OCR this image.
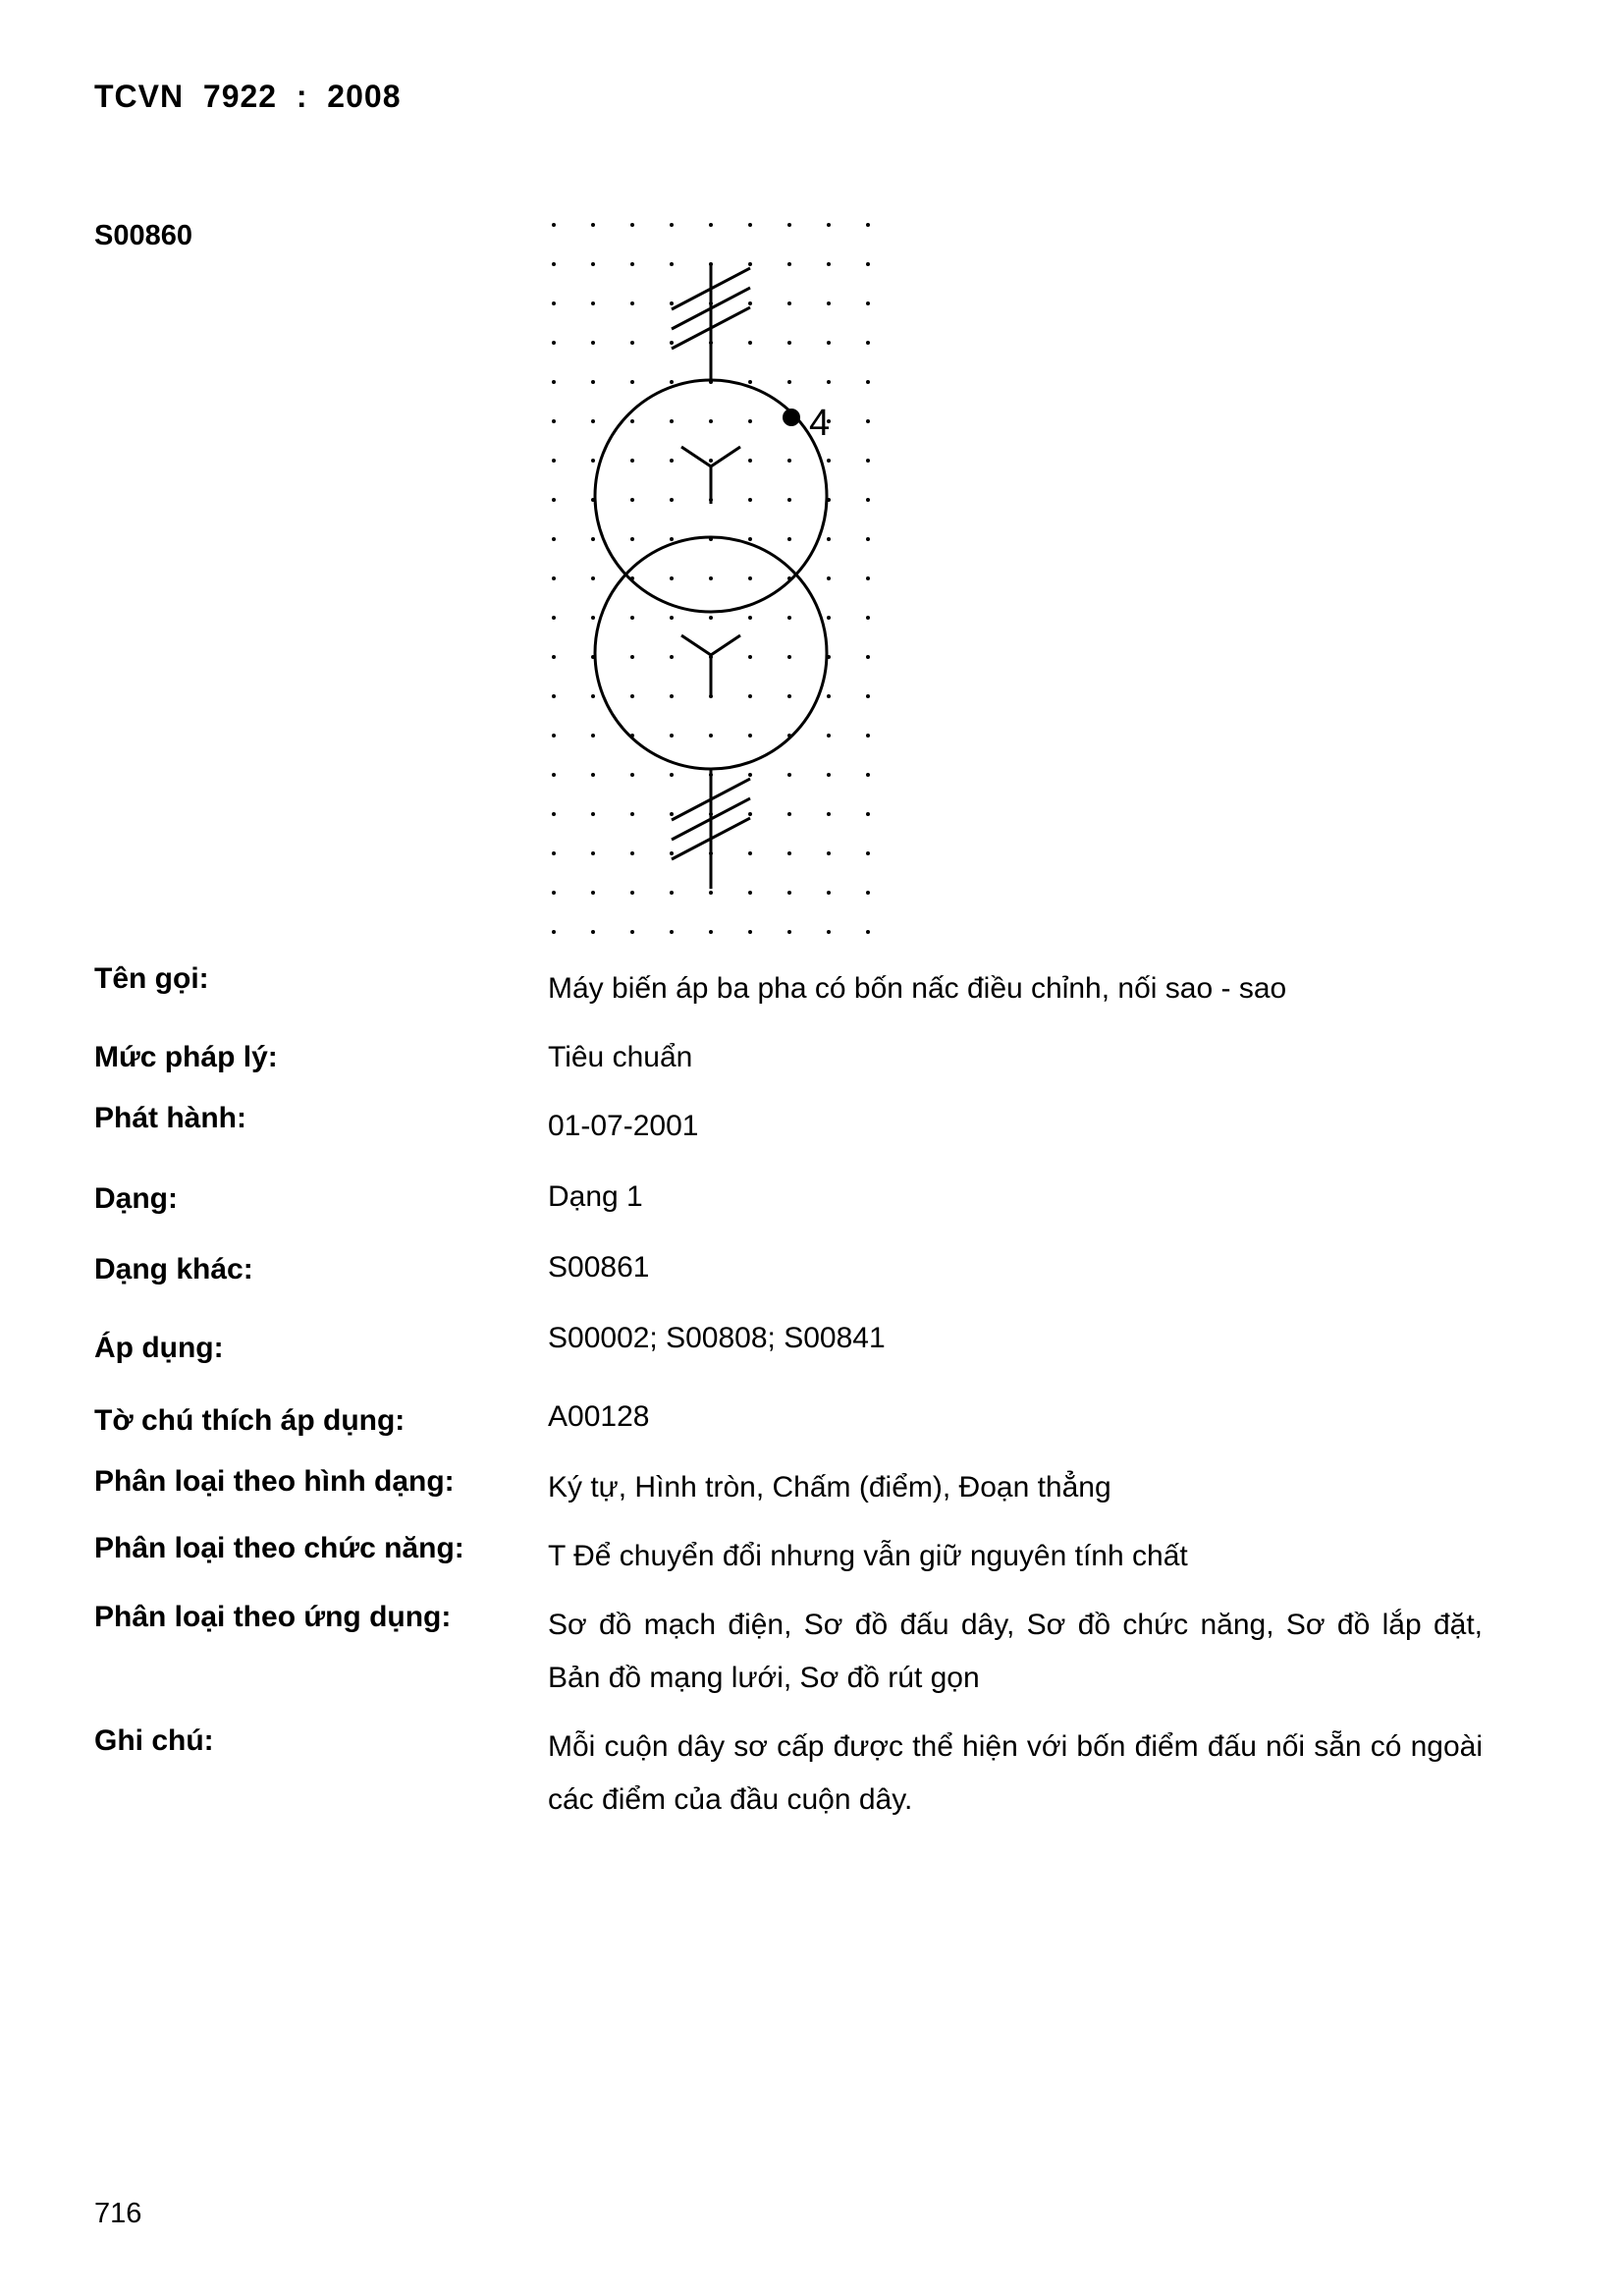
TCVN  7922  :  2008
S00860
4
Tên gọi:	Máy biến áp ba pha có bốn nấc điều chỉnh, nối sao - sao
Mức pháp lý:	Tiêu chuẩn
Phát hành:	01-07-2001
Dạng:	Dạng 1
Dạng khác:	S00861
Áp dụng:	S00002; S00808; S00841
Tờ chú thích áp dụng:	A00128
Phân loại theo hình dạng:	Ký tự, Hình tròn, Chấm (điểm), Đoạn thẳng
Phân loại theo chức năng:	T Để chuyển đổi nhưng vẫn giữ nguyên tính chất
Phân loại theo ứng dụng:	Sơ đồ mạch điện, Sơ đồ đấu dây, Sơ đồ chức năng, Sơ đồ lắp đặt, Bản đồ mạng lưới, Sơ đồ rút gọn
Ghi chú:	Mỗi cuộn dây sơ cấp được thể hiện với bốn điểm đấu nối sẵn có ngoài các điểm của đầu cuộn dây.
716
